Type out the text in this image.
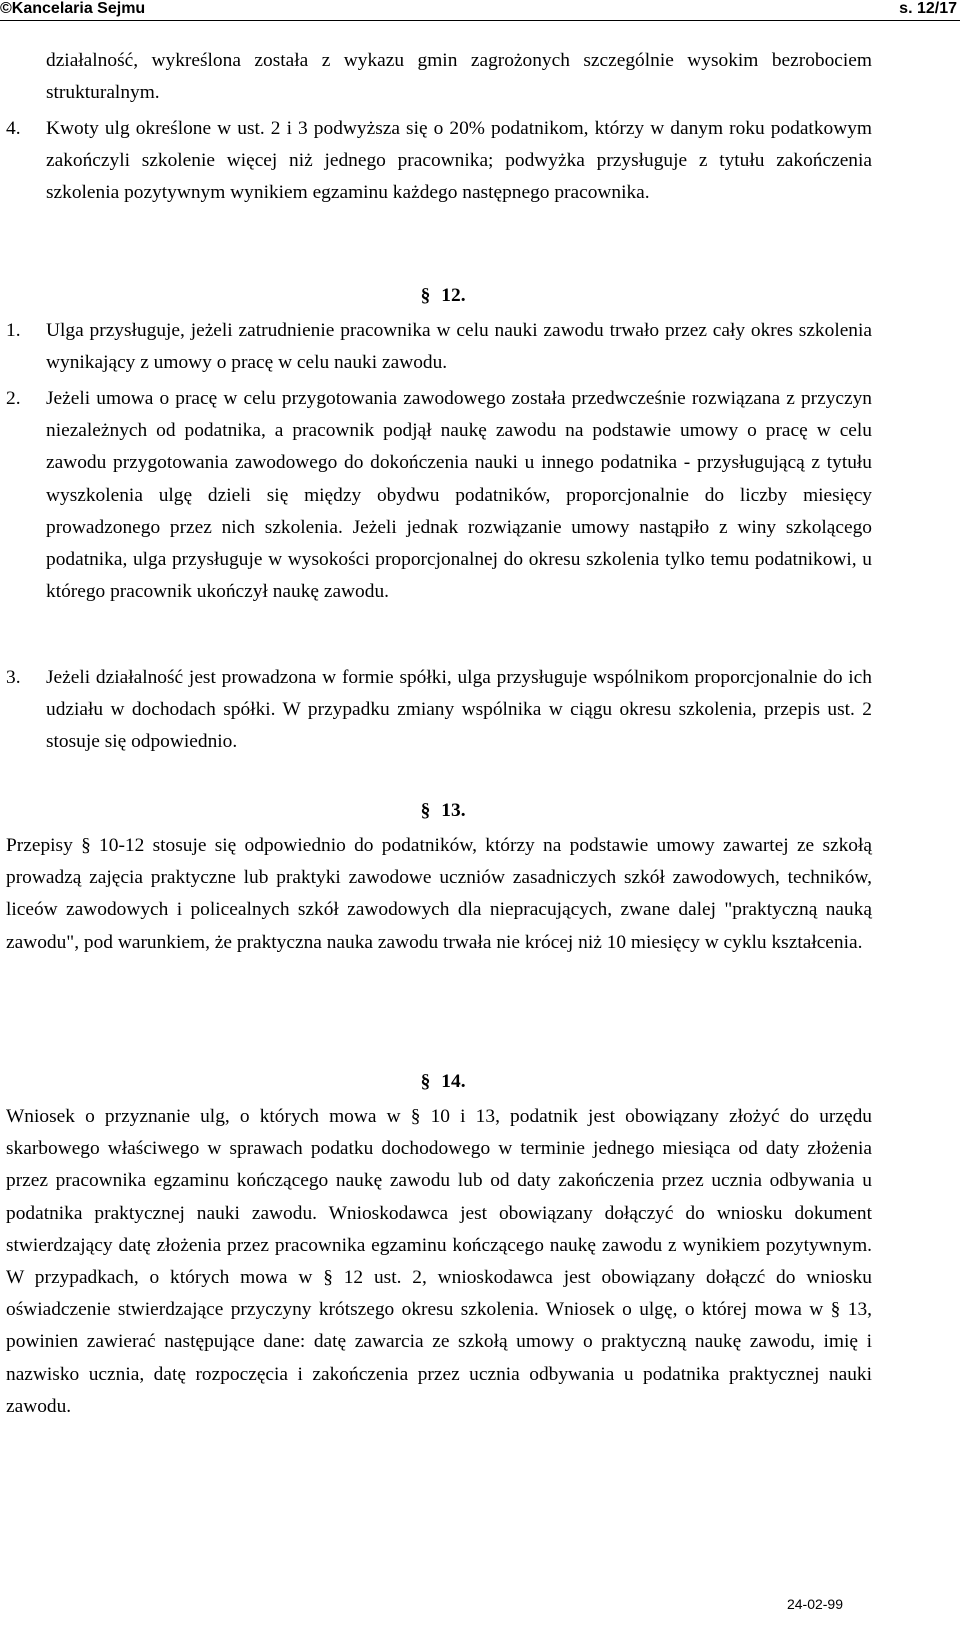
©Kancelaria Sejmu	s. 12/17

działalność, wykreślona została z wykazu gmin zagrożonych szczególnie wysokim bezrobociem strukturalnym.

4.	Kwoty ulg określone w ust. 2 i 3 podwyższa się o 20% podatnikom, którzy w danym roku podatkowym zakończyli szkolenie więcej niż jednego pracownika; podwyżka przysługuje z tytułu zakończenia szkolenia pozytywnym wynikiem egzaminu każdego następnego pracownika.

§ 12.
1.	Ulga przysługuje, jeżeli zatrudnienie pracownika w celu nauki zawodu trwało przez cały okres szkolenia wynikający z umowy o pracę w celu nauki zawodu.

2.	Jeżeli umowa o pracę w celu przygotowania zawodowego została przedwcześnie rozwiązana z przyczyn niezależnych od podatnika, a pracownik podjął naukę zawodu na podstawie umowy o pracę w celu zawodu przygotowania zawodowego do dokończenia nauki u innego podatnika - przysługującą z tytułu wyszkolenia ulgę dzieli się między obydwu podatników, proporcjonalnie do liczby miesięcy prowadzonego przez nich szkolenia. Jeżeli jednak rozwiązanie umowy nastąpiło z winy szkolącego podatnika, ulga przysługuje w wysokości proporcjonalnej do okresu szkolenia tylko temu podatnikowi, u którego pracownik ukończył naukę zawodu.

3.	Jeżeli działalność jest prowadzona w formie spółki, ulga przysługuje wspólnikom proporcjonalnie do ich udziału w dochodach spółki. W przypadku zmiany wspólnika w ciągu okresu szkolenia, przepis ust. 2 stosuje się odpowiednio.

§ 13.

Przepisy § 10-12 stosuje się odpowiednio do podatników, którzy na podstawie umowy zawartej ze szkołą prowadzą zajęcia praktyczne lub praktyki zawodowe uczniów zasadniczych szkół zawodowych, techników, liceów zawodowych i policealnych szkół zawodowych dla niepracujących, zwane dalej "praktyczną nauką zawodu", pod warunkiem, że praktyczna nauka zawodu trwała nie krócej niż 10 miesięcy w cyklu kształcenia.

§ 14.

Wniosek o przyznanie ulg, o których mowa w § 10 i 13, podatnik jest obowiązany złożyć do urzędu skarbowego właściwego w sprawach podatku dochodowego w terminie jednego miesiąca od daty złożenia przez pracownika egzaminu kończącego naukę zawodu lub od daty zakończenia przez ucznia odbywania u podatnika praktycznej nauki zawodu. Wnioskodawca jest obowiązany dołączyć do wniosku dokument stwierdzający datę złożenia przez pracownika egzaminu kończącego naukę zawodu z wynikiem pozytywnym. W przypadkach, o których mowa w § 12 ust. 2, wnioskodawca jest obowiązany dołączć do wniosku oświadczenie stwierdzające przyczyny krótszego okresu szkolenia. Wniosek o ulgę, o której mowa w § 13, powinien zawierać następujące dane: datę zawarcia ze szkołą umowy o praktyczną naukę zawodu, imię i nazwisko ucznia, datę rozpoczęcia i zakończenia przez ucznia odbywania u podatnika praktycznej nauki zawodu.

24-02-99
